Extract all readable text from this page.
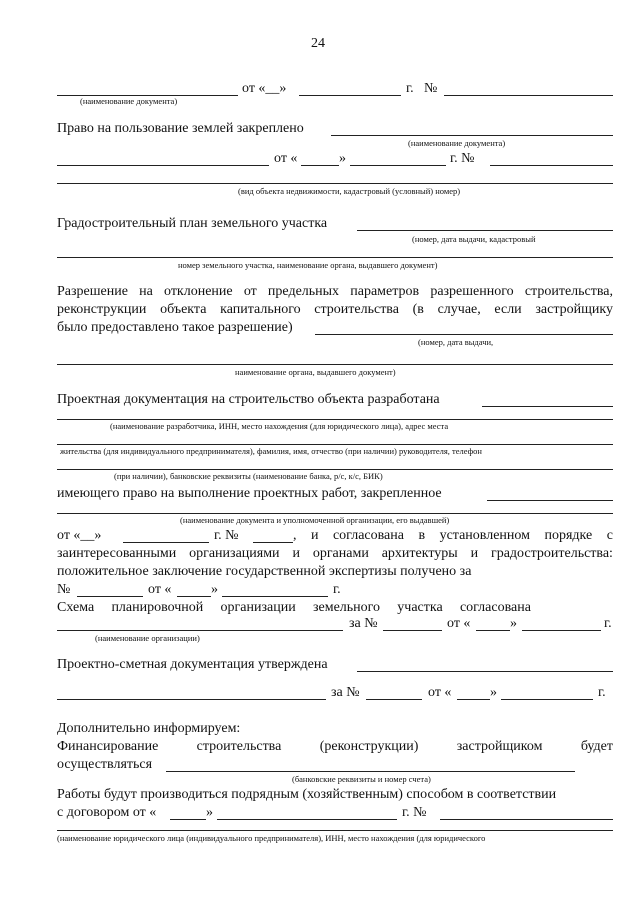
24
от «__»	г. №
(наименование документа)
Право на пользование землей закреплено
(наименование документа)
от «	»	г. №
(вид объекта недвижимости, кадастровый (условный) номер)
Градостроительный план земельного участка
(номер, дата выдачи, кадастровый
номер земельного участка, наименование органа, выдавшего документ)
Разрешение на отклонение от предельных параметров разрешенного строительства,
реконструкции объекта капитального строительства (в случае, если застройщику
было предоставлено такое разрешение)
(номер, дата выдачи,
наименование органа, выдавшего документ)
Проектная документация на строительство объекта разработана
(наименование разработчика, ИНН, место нахождения (для юридического лица), адрес места
жительства (для индивидуального предпринимателя), фамилия, имя, отчество (при наличии) руководителя, телефон
(при наличии), банковские реквизиты (наименование банка, р/с, к/с, БИК)
имеющего право на выполнение проектных работ, закрепленное
(наименование документа и уполномоченной организации, его выдавшей)
от «__»	г. №	, и согласована в установленном порядке с
заинтересованными организациями и органами архитектуры и градостроительства:
положительное заключение государственной экспертизы получено за
№	от «	»	г.
Схема планировочной организации земельного участка согласована
за №	от «	»	г.
(наименование организации)
Проектно-сметная документация утверждена
за №	от «	»	г.
Дополнительно информируем:
Финансирование	строительства	(реконструкции)	застройщиком	будет
осуществляться
(банковские реквизиты и номер счета)
Работы будут производиться подрядным (хозяйственным) способом в соответствии
с договором от «	»	г. №
(наименование юридического лица (индивидуального предпринимателя), ИНН, место нахождения (для юридического
